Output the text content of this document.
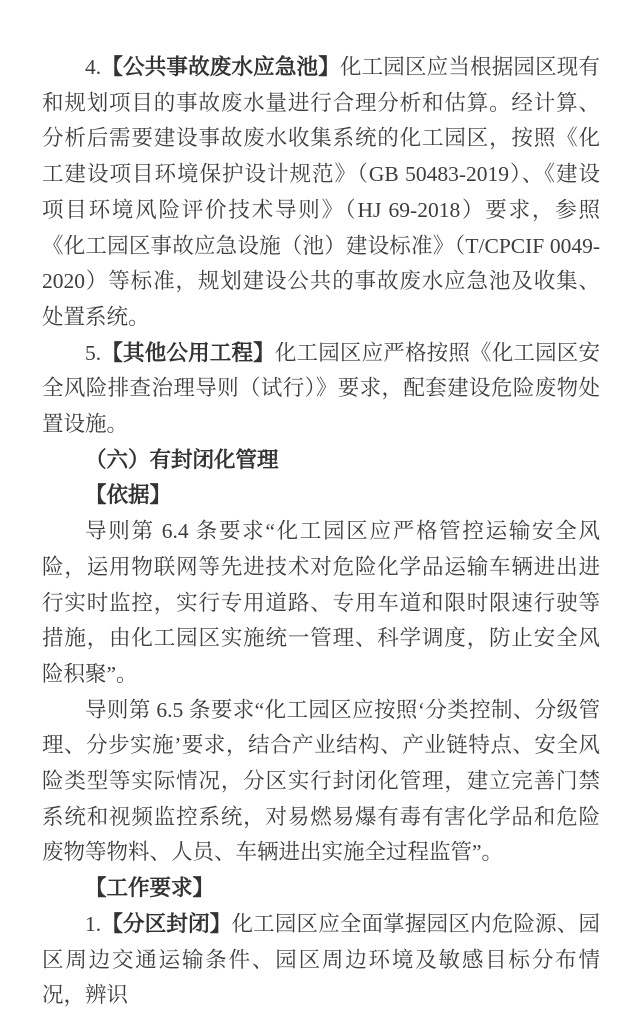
4.【公共事故废水应急池】化工园区应当根据园区现有和规划项目的事故废水量进行合理分析和估算。经计算、分析后需要建设事故废水收集系统的化工园区，按照《化工建设项目环境保护设计规范》（GB 50483-2019）、《建设项目环境风险评价技术导则》（HJ 69-2018）要求，参照《化工园区事故应急设施（池）建设标准》（T/CPCIF 0049-2020）等标准，规划建设公共的事故废水应急池及收集、处置系统。

5.【其他公用工程】化工园区应严格按照《化工园区安全风险排查治理导则（试行）》要求，配套建设危险废物处置设施。

（六）有封闭化管理

【依据】

导则第 6.4 条要求“化工园区应严格管控运输安全风险，运用物联网等先进技术对危险化学品运输车辆进出进行实时监控，实行专用道路、专用车道和限时限速行驶等措施，由化工园区实施统一管理、科学调度，防止安全风险积聚”。

导则第 6.5 条要求“化工园区应按照‘分类控制、分级管理、分步实施’要求，结合产业结构、产业链特点、安全风险类型等实际情况，分区实行封闭化管理，建立完善门禁系统和视频监控系统，对易燃易爆有毒有害化学品和危险废物等物料、人员、车辆进出实施全过程监管”。

【工作要求】

1.【分区封闭】化工园区应全面掌握园区内危险源、园区周边交通运输条件、园区周边环境及敏感目标分布情况，辨识
